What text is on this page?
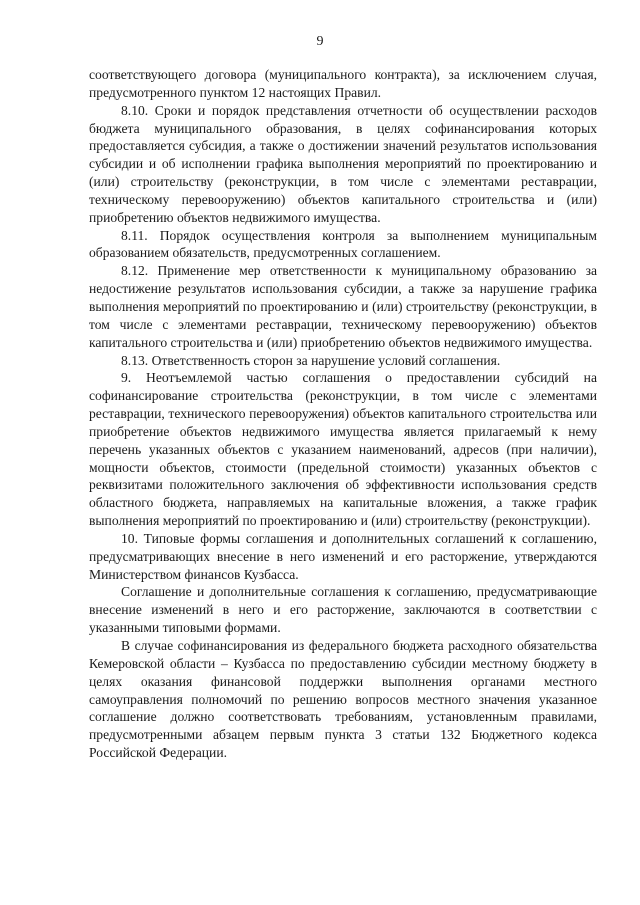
9

соответствующего договора (муниципального контракта), за исключением случая, предусмотренного пунктом 12 настоящих Правил.

8.10. Сроки и порядок представления отчетности об осуществлении расходов бюджета муниципального образования, в целях софинансирования которых предоставляется субсидия, а также о достижении значений результатов использования субсидии и об исполнении графика выполнения мероприятий по проектированию и (или) строительству (реконструкции, в том числе с элементами реставрации, техническому перевооружению) объектов капитального строительства и (или) приобретению объектов недвижимого имущества.

8.11. Порядок осуществления контроля за выполнением муниципальным образованием обязательств, предусмотренных соглашением.

8.12. Применение мер ответственности к муниципальному образованию за недостижение результатов использования субсидии, а также за нарушение графика выполнения мероприятий по проектированию и (или) строительству (реконструкции, в том числе с элементами реставрации, техническому перевооружению) объектов капитального строительства и (или) приобретению объектов недвижимого имущества.

8.13. Ответственность сторон за нарушение условий соглашения.

9. Неотъемлемой частью соглашения о предоставлении субсидий на софинансирование строительства (реконструкции, в том числе с элементами реставрации, технического перевооружения) объектов капитального строительства или приобретение объектов недвижимого имущества является прилагаемый к нему перечень указанных объектов с указанием наименований, адресов (при наличии), мощности объектов, стоимости (предельной стоимости) указанных объектов с реквизитами положительного заключения об эффективности использования средств областного бюджета, направляемых на капитальные вложения, а также график выполнения мероприятий по проектированию и (или) строительству (реконструкции).

10. Типовые формы соглашения и дополнительных соглашений к соглашению, предусматривающих внесение в него изменений и его расторжение, утверждаются Министерством финансов Кузбасса.

Соглашение и дополнительные соглашения к соглашению, предусматривающие внесение изменений в него и его расторжение, заключаются в соответствии с указанными типовыми формами.

В случае софинансирования из федерального бюджета расходного обязательства Кемеровской области – Кузбасса по предоставлению субсидии местному бюджету в целях оказания финансовой поддержки выполнения органами местного самоуправления полномочий по решению вопросов местного значения указанное соглашение должно соответствовать требованиям, установленным правилами, предусмотренными абзацем первым пункта 3 статьи 132 Бюджетного кодекса Российской Федерации.
